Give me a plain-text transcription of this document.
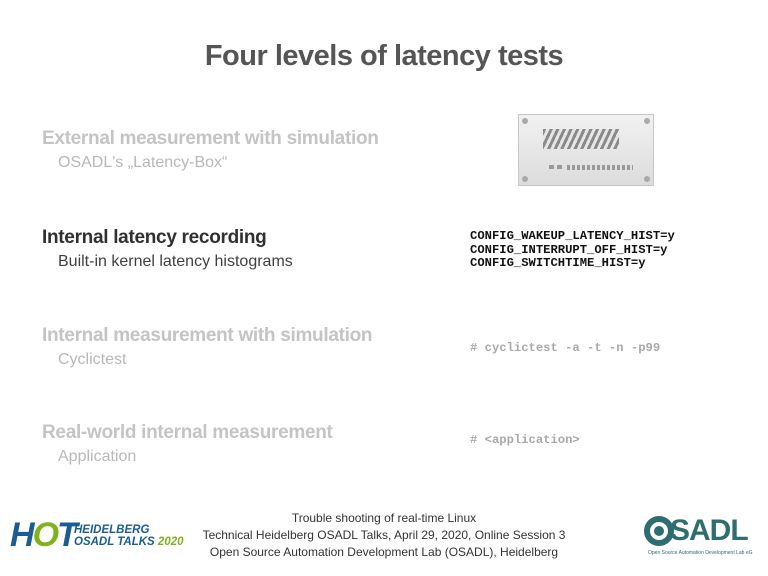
Four levels of latency tests
External measurement with simulation
OSADL's „Latency-Box“
Internal latency recording
Built-in kernel latency histograms
CONFIG_WAKEUP_LATENCY_HIST=y
CONFIG_INTERRUPT_OFF_HIST=y
CONFIG_SWITCHTIME_HIST=y
Internal measurement with simulation
Cyclictest
# cyclictest -a -t -n -p99
Real-world internal measurement
Application
# <application>
HOT
HEIDELBERG
OSADL TALKS 2020
Trouble shooting of real-time Linux
Technical Heidelberg OSADL Talks, April 29, 2020, Online Session 3
Open Source Automation Development Lab (OSADL), Heidelberg
SADL
Open Source Automation Development Lab eG
